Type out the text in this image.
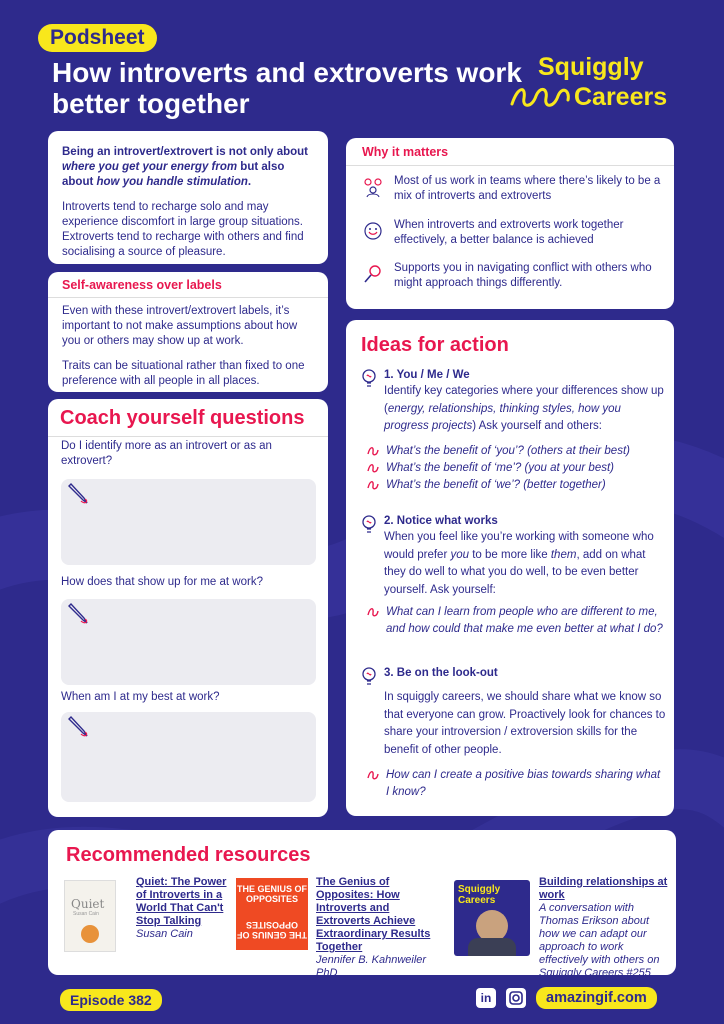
Podsheet
How introverts and extroverts work better together
Squiggly
Careers

Being an introvert/extrovert is not only about where you get your energy from but also about how you handle stimulation.

Introverts tend to recharge solo and may experience discomfort in large group situations. Extroverts tend to recharge with others and find socialising a source of pleasure.

Self-awareness over labels

Even with these introvert/extrovert labels, it’s important to not make assumptions about how you or others may show up at work.

Traits can be situational rather than fixed to one preference with all people in all places.

Coach yourself questions
Do I identify more as an introvert or as an extrovert?
How does that show up for me at work?
When am I at my best at work?
Why it matters

Most of us work in teams where there’s likely to be a mix of introverts and extroverts

When introverts and extroverts work together effectively, a better balance is achieved

Supports you in navigating conflict with others who might approach things differently.

Ideas for action
1. You / Me / We
Identify key categories where your differences show up (energy, relationships, thinking styles, how you progress projects) Ask yourself and others:
What’s the benefit of ‘you’? (others at their best)
What’s the benefit of ‘me’? (you at your best)
What’s the benefit of ‘we’? (better together)
2. Notice what works
When you feel like you’re working with someone who would prefer you to be more like them, add on what they do well to what you do well, to be even better yourself. Ask yourself:
What can I learn from people who are different to me, and how could that make me even better at what I do?
3. Be on the look-out
In squiggly careers, we should share what we know so that everyone can grow. Proactively look for chances to share your introversion / extroversion skills for the benefit of other people.
How can I create a positive bias towards sharing what I know?
Recommended resources
Quiet
Susan Cain
Quiet: The Power of Introverts in a World That Can't Stop Talking
Susan Cain
THE GENIUS OF OPPOSITES
THE GENIUS OF OPPOSITES
The Genius of Opposites: How Introverts and Extroverts Achieve Extraordinary Results Together
Jennifer B. Kahnweiler PhD
Squiggly Careers
Building relationships at work
A conversation with Thomas Erikson about how we can adapt our approach to work effectively with others on Squiggly Careers #255
Episode 382	in	amazingif.com
